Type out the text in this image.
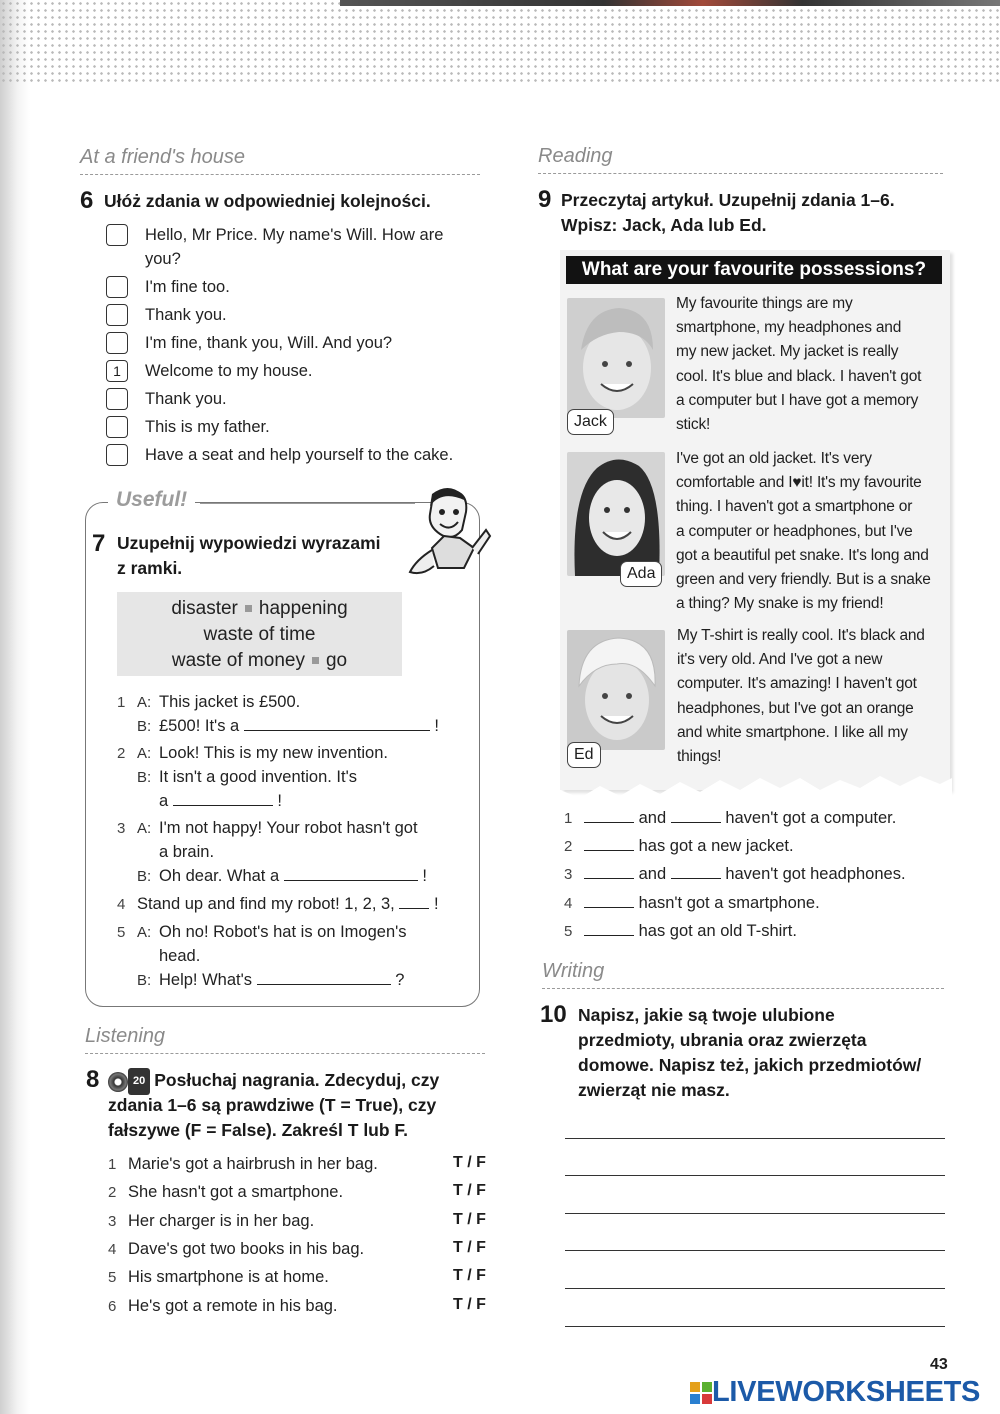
At a friend's house
6 Ułóż zdania w odpowiedniej kolejności.
Hello, Mr Price. My name's Will. How are
you?
I'm fine too.
Thank you.
I'm fine, thank you, Will. And you?
1	Welcome to my house.
Thank you.
This is my father.
Have a seat and help yourself to the cake.
Useful!
7 Uzupełnij wypowiedzi wyrazami
z ramki.
disaster happening
waste of time
waste of money go
1 A: This jacket is £500.
B: £500! It's a	!
2 A: Look! This is my new invention.
B: It isn't a good invention. It's
a	!
3 A: I'm not happy! Your robot hasn't got
a brain.
B: Oh dear. What a	!
4 Stand up and find my robot! 1, 2, 3, !
5 A: Oh no! Robot's hat is on Imogen's
head.
B: Help! What's	?
Listening
8	20 Posłuchaj nagrania. Zdecyduj, czy
zdania 1–6 są prawdziwe (T = True), czy
fałszywe (F = False). Zakreśl T lub F.
1 Marie's got a hairbrush in her bag.	T / F
2 She hasn't got a smartphone.	T / F
3 Her charger is in her bag.	T / F
4 Dave's got two books in his bag.	T / F
5 His smartphone is at home.	T / F
6 He's got a remote in his bag.	T / F
Reading
9 Przeczytaj artykuł. Uzupełnij zdania 1–6.
Wpisz: Jack, Ada lub Ed.
What are your favourite possessions?
Jack
My favourite things are my
smartphone, my headphones and
my new jacket. My jacket is really
cool. It's blue and black. I haven't got
a computer but I have got a memory
stick!
Ada
I've got an old jacket. It's very
comfortable and I♥it! It's my favourite
thing. I haven't got a smartphone or
a computer or headphones, but I've
got a beautiful pet snake. It's long and
green and very friendly. But is a snake
a thing? My snake is my friend!
Ed
My T-shirt is really cool. It's black and
it's very old. And I've got a new
computer. It's amazing! I haven't got
headphones, but I've got an orange
and white smartphone. I like all my
things!
1	and	haven't got a computer.
2	has got a new jacket.
3	and	haven't got headphones.
4	hasn't got a smartphone.
5	has got an old T-shirt.
Writing
10 Napisz, jakie są twoje ulubione
przedmioty, ubrania oraz zwierzęta
domowe. Napisz też, jakich przedmiotów/
zwierząt nie masz.
43
LIVEWORKSHEETS
